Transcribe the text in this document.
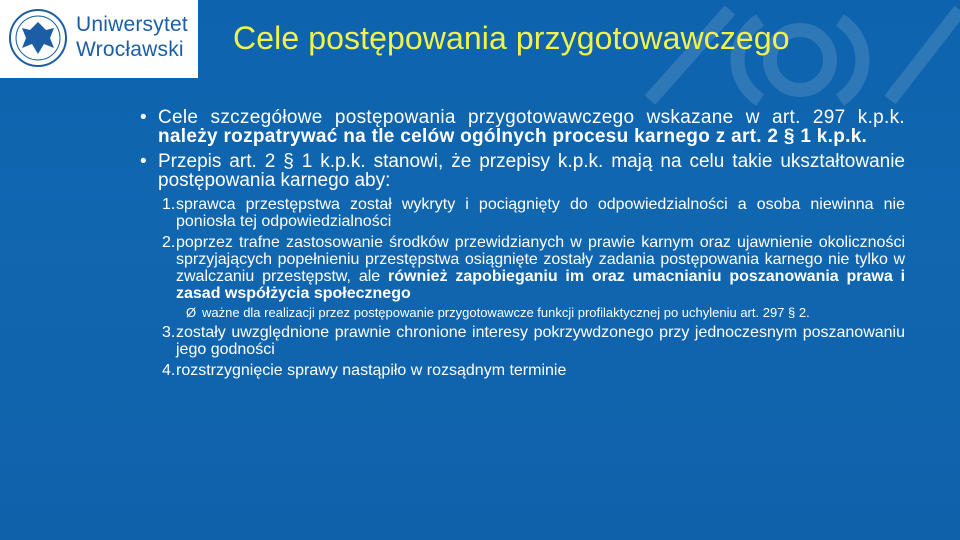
Uniwersytet
Wrocławski Cele postępowania przygotowawczego
• Cele szczegółowe postępowania przygotowawczego wskazane w art. 297 k.p.k. należy rozpatrywać na tle celów ogólnych procesu karnego z art. 2 § 1 k.p.k.
• Przepis art. 2 § 1 k.p.k. stanowi, że przepisy k.p.k. mają na celu takie ukształtowanie postępowania karnego aby:
1. sprawca przestępstwa został wykryty i pociągnięty do odpowiedzialności a osoba niewinna nie poniosła tej odpowiedzialności
2. poprzez trafne zastosowanie środków przewidzianych w prawie karnym oraz ujawnienie okoliczności sprzyjających popełnieniu przestępstwa osiągnięte zostały zadania postępowania karnego nie tylko w zwalczaniu przestępstw, ale również zapobieganiu im oraz umacnianiu poszanowania prawa i zasad współżycia społecznego
Ø ważne dla realizacji przez postępowanie przygotowawcze funkcji profilaktycznej po uchyleniu art. 297 § 2.
3. zostały uwzględnione prawnie chronione interesy pokrzywdzonego przy jednoczesnym poszanowaniu jego godności
4. rozstrzygnięcie sprawy nastąpiło w rozsądnym terminie
